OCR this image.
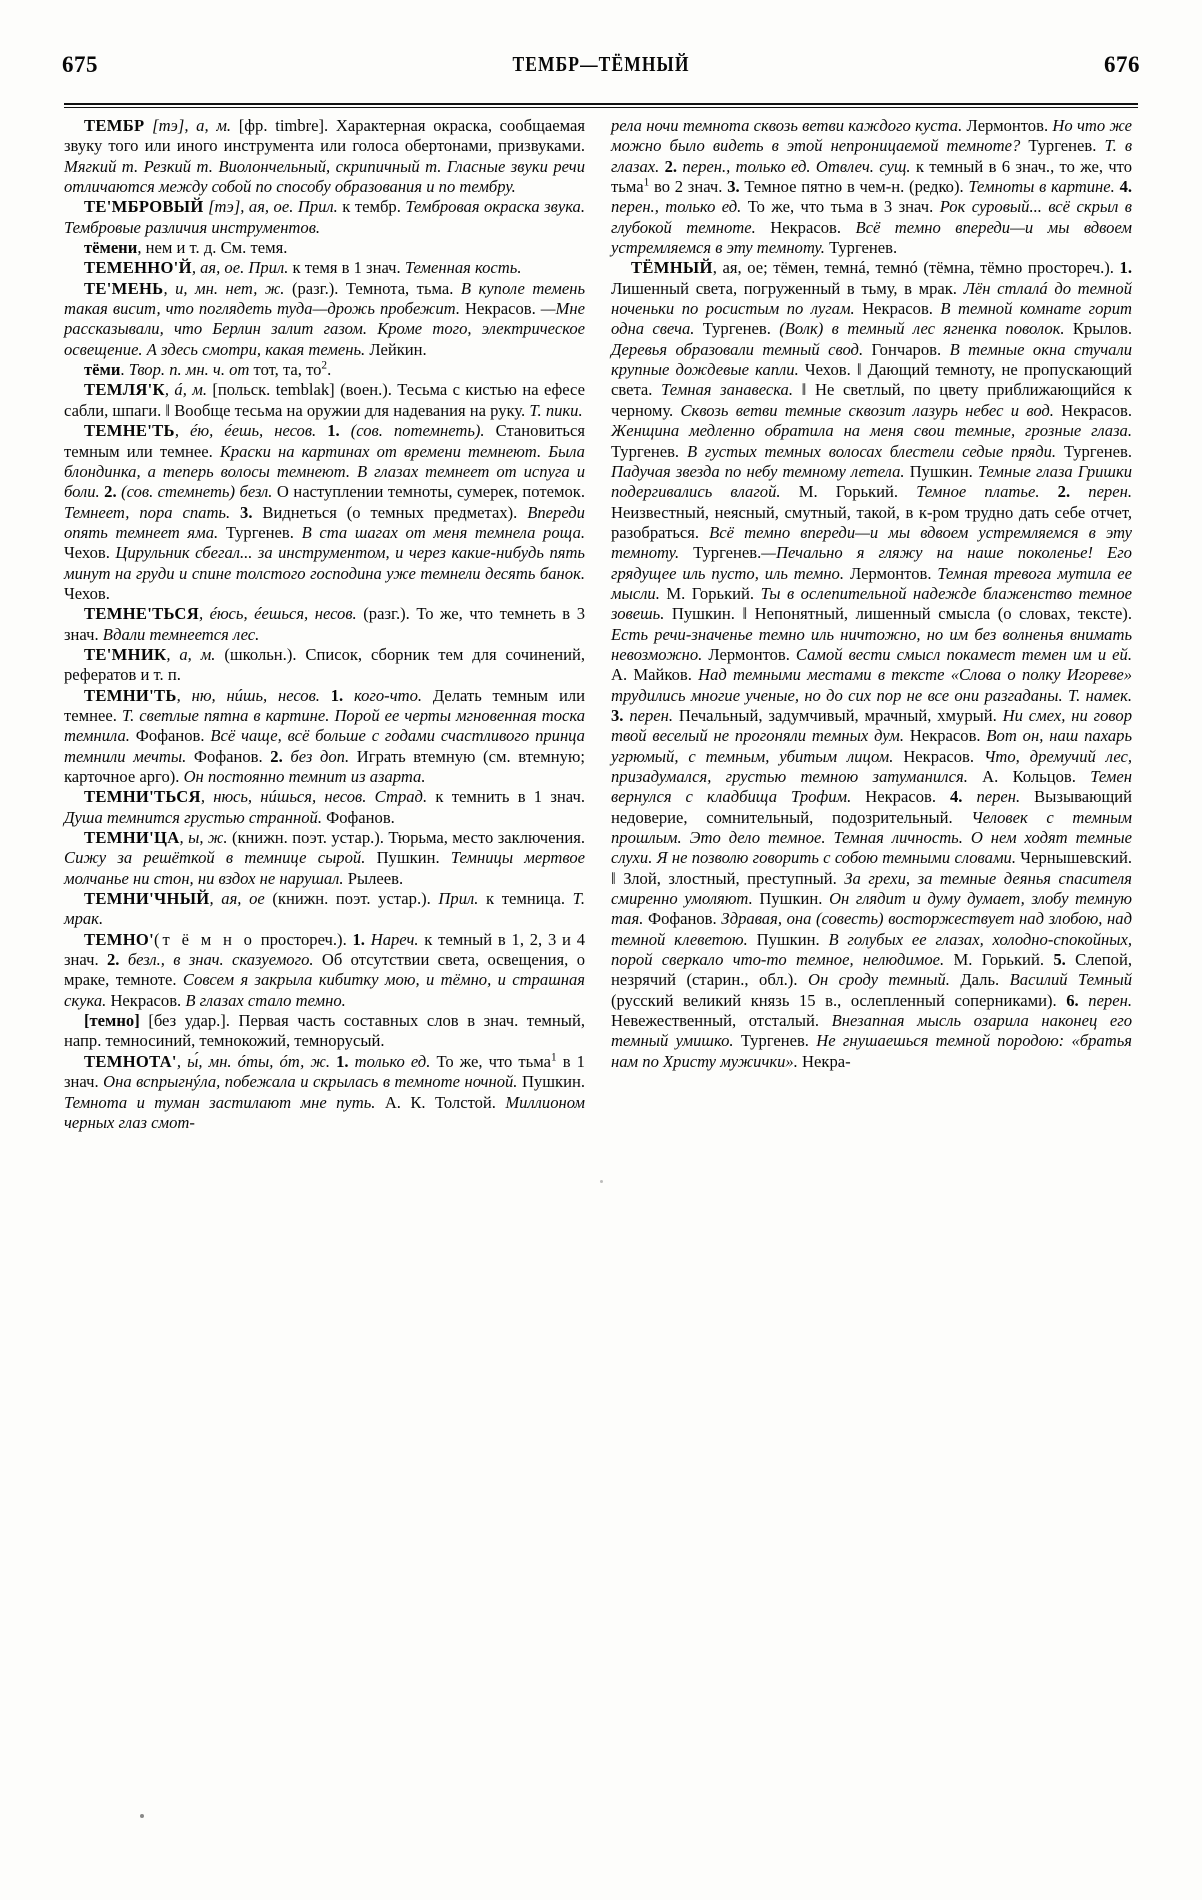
675	ТЕМБР—ТЁМНЫЙ	676

ТЕМБР [тэ], а, м. [фр. timbre]. Характерная окраска, сообщаемая звуку того или иного инструмента или голоса обертонами, призвуками. Мягкий т. Резкий т. Виолончельный, скрипичный т. Гласные звуки речи отличаются между собой по способу образования и по тембру.

ТЕ'МБРОВЫЙ [тэ], ая, ое. Прил. к тембр. Тембровая окраска звука. Тембровые различия инструментов.

тёмени, нем и т. д. См. темя.

ТЕМЕННО'Й, ая, ое. Прил. к темя в 1 знач. Теменная кость.

ТЕ'МЕНЬ, и, мн. нет, ж. (разг.). Темнота, тьма. В куполе темень такая висит, что поглядеть туда—дрожь пробежит. Некрасов. —Мне рассказывали, что Берлин залит газом. Кроме того, электрическое освещение. А здесь смотри, какая темень. Лейкин.

тёми. Твор. п. мн. ч. от тот, та, $то^2$.

ТЕМЛЯ'К, á, м. [польск. temblak] (воен.). Тесьма с кистью на ефесе сабли, шпаги. ‖ Вообще тесьма на оружии для надевания на руку. Т. пики.

ТЕМНЕ'ТЬ, éю, éешь, несов. 1. (сов. потемнеть). Становиться темным или темнее. Краски на картинах от времени темнеют. Была блондинка, а теперь волосы темнеют. В глазах темнеет от испуга и боли. 2. (сов. стемнеть) безл. О наступлении темноты, сумерек, потемок. Темнеет, пора спать. 3. Виднеться (о темных предметах). Впереди опять темнеет яма. Тургенев. В ста шагах от меня темнела роща. Чехов. Цирульник сбегал... за инструментом, и через какие-нибудь пять минут на груди и спине толстого господина уже темнели десять банок. Чехов.

ТЕМНЕ'ТЬСЯ, éюсь, éешься, несов. (разг.). То же, что темнеть в 3 знач. Вдали темнеется лес.

ТЕ'МНИК, а, м. (школьн.). Список, сборник тем для сочинений, рефератов и т. п.

ТЕМНИ'ТЬ, ню, нúшь, несов. 1. кого-что. Делать темным или темнее. Т. светлые пятна в картине. Порой ее черты мгновенная тоска темнила. Фофанов. Всё чаще, всё больше с годами счастливого принца темнили мечты. Фофанов. 2. без доп. Играть втемную (см. втемную; карточное арго). Он постоянно темнит из азарта.

ТЕМНИ'ТЬСЯ, нюсь, нúшься, несов. Страд. к темнить в 1 знач. Душа темнится грустью странной. Фофанов.

ТЕМНИ'ЦА, ы, ж. (книжн. поэт. устар.). Тюрьма, место заключения. Сижу за решёткой в темнице сырой. Пушкин. Темницы мертвое молчанье ни стон, ни вздох не нарушал. Рылеев.

ТЕМНИ'ЧНЫЙ, ая, ое (книжн. поэт. устар.). Прил. к темница. Т. мрак.

ТЕМНО'(т ё м н о простореч.). 1. Нареч. к темный в 1, 2, 3 и 4 знач. 2. безл., в знач. сказуемого. Об отсутствии света, освещения, о мраке, темноте. Совсем я закрыла кибитку мою, и тёмно, и страшная скука. Некрасов. В глазах стало темно.

[темно] [без удар.]. Первая часть составных слов в знач. темный, напр. темносиний, темнокожий, темнорусый.

ТЕМНОТА', ы́, мн. óты, óт, ж. 1. только ед. То же, что тьма$^1$ в 1 знач. Она вспрыгнýла, побежала и скрылась в темноте ночной. Пушкин. Темнота и туман застилают мне путь. А. К. Толстой. Миллионом черных глаз смот-

рела ночи темнота сквозь ветви каждого куста. Лермонтов. Но что же можно было видеть в этой непроницаемой темноте? Тургенев. Т. в глазах. 2. перен., только ед. Отвлеч. сущ. к темный в 6 знач., то же, что тьма$^1$ во 2 знач. 3. Темное пятно в чем-н. (редко). Темноты в картине. 4. перен., только ед. То же, что тьма в 3 знач. Рок суровый... всё скрыл в глубокой темноте. Некрасов. Всё темно впереди—и мы вдвоем устремляемся в эту темноту. Тургенев.

ТЁМНЫЙ, ая, ое; тёмен, темнá, темнó (тёмна, тёмно простореч.). 1. Лишенный света, погруженный в тьму, в мрак. Лён стлалá до темной ноченьки по росистым по лугам. Некрасов. В темной комнате горит одна свеча. Тургенев. (Волк) в темный лес ягненка поволок. Крылов. Деревья образовали темный свод. Гончаров. В темные окна стучали крупные дождевые капли. Чехов. ‖ Дающий темноту, не пропускающий света. Темная занавеска. ‖ Не светлый, по цвету приближающийся к черному. Сквозь ветви темные сквозит лазурь небес и вод. Некрасов. Женщина медленно обратила на меня свои темные, грозные глаза. Тургенев. В густых темных волосах блестели седые пряди. Тургенев. Падучая звезда по небу темному летела. Пушкин. Темные глаза Гришки подергивались влагой. М. Горький. Темное платье. 2. перен. Неизвестный, неясный, смутный, такой, в к-ром трудно дать себе отчет, разобраться. Всё темно впереди—и мы вдвоем устремляемся в эту темноту. Тургенев.—Печально я гляжу на наше поколенье! Его грядущее иль пусто, иль темно. Лермонтов. Темная тревога мутила ее мысли. М. Горький. Ты в ослепительной надежде блаженство темное зовешь. Пушкин. ‖ Непонятный, лишенный смысла (о словах, тексте). Есть речи-значенье темно иль ничтожно, но им без волненья внимать невозможно. Лермонтов. Самой вести смысл покамест темен им и ей. А. Майков. Над темными местами в тексте «Слова о полку Игореве» трудились многие ученые, но до сих пор не все они разгаданы. Т. намек. 3. перен. Печальный, задумчивый, мрачный, хмурый. Ни смех, ни говор твой веселый не прогоняли темных дум. Некрасов. Вот он, наш пахарь угрюмый, с темным, убитым лицом. Некрасов. Что, дремучий лес, призадумался, грустью темною затуманился. А. Кольцов. Темен вернулся с кладбища Трофим. Некрасов. 4. перен. Вызывающий недоверие, сомнительный, подозрительный. Человек с темным прошлым. Это дело темное. Темная личность. О нем ходят темные слухи. Я не позволю говорить с собою темными словами. Чернышевский. ‖ Злой, злостный, преступный. За грехи, за темные деянья спасителя смиренно умоляют. Пушкин. Он глядит и думу думает, злобу темную тая. Фофанов. Здравая, она (совесть) восторжествует над злобою, над темной клеветою. Пушкин. В голубых ее глазах, холодно-спокойных, порой сверкало что-то темное, нелюдимое. М. Горький. 5. Слепой, незрячий (старин., обл.). Он сроду темный. Даль. Василий Темный (русский великий князь 15 в., ослепленный соперниками). 6. перен. Невежественный, отсталый. Внезапная мысль озарила наконец его темный умишко. Тургенев. Не гнушаешься темной породою: «братья нам по Христу мужички». Некра-
